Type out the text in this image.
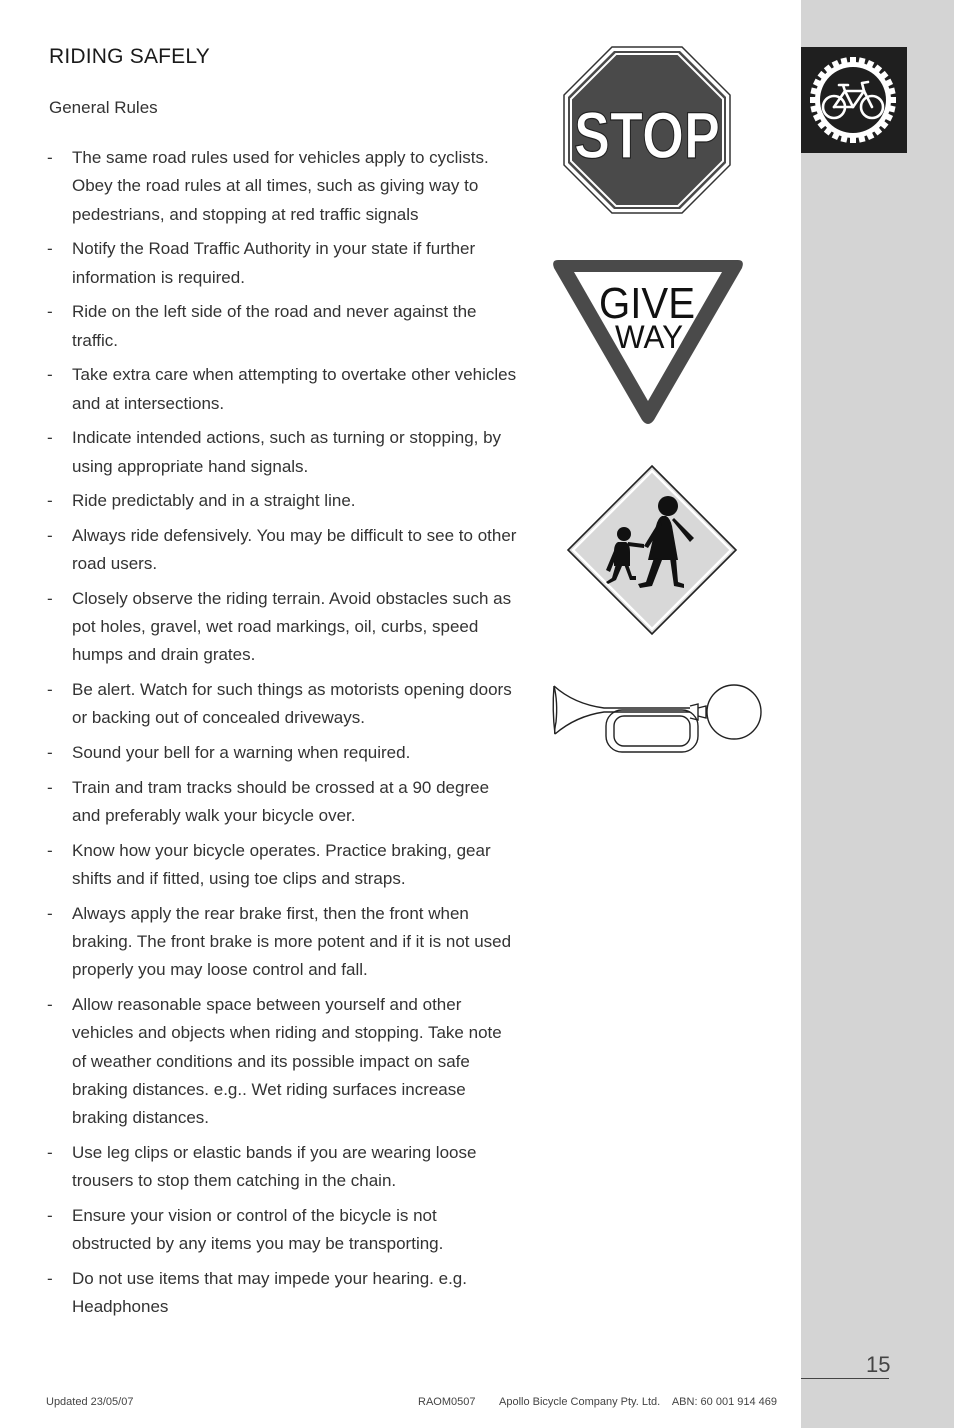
RIDING SAFELY
General Rules
- The same road rules used for vehicles apply to cyclists. Obey the road rules at all times, such as giving way to pedestrians, and stopping at red traffic signals
- Notify the Road Traffic Authority in your state if further information is required.
- Ride on the left side of the road and never against the traffic.
- Take extra care when attempting to overtake other vehicles and at intersections.
- Indicate intended actions, such as turning or stopping, by using appropriate hand signals.
- Ride predictably and in a straight line.
- Always ride defensively. You may be difficult to see to other road users.
- Closely observe the riding terrain. Avoid obstacles such as pot holes, gravel, wet road markings, oil, curbs, speed humps and drain grates.
- Be alert. Watch for such things as motorists opening doors or backing out of concealed driveways.
- Sound your bell for a warning when required.
- Train and tram tracks should be crossed at a 90 degree and preferably walk your bicycle over.
- Know how your bicycle operates. Practice braking, gear shifts and if fitted, using toe clips and straps.
- Always apply the rear brake first, then the front when braking. The front brake is more potent and if it is not used properly you may loose control and fall.
- Allow reasonable space between yourself and other vehicles and objects when riding and stopping. Take note of weather conditions and its possible impact on safe braking distances. e.g.. Wet riding surfaces increase braking distances.
- Use leg clips or elastic bands if you are wearing loose trousers to stop them catching in the chain.
- Ensure your vision or control of the bicycle is not obstructed by any items you may be transporting.
- Do not use items that may impede your hearing. e.g. Headphones
STOP
GIVE
WAY
15
Updated 23/05/07	RAOM0507 Apollo Bicycle Company Pty. Ltd.    ABN: 60 001 914 469
